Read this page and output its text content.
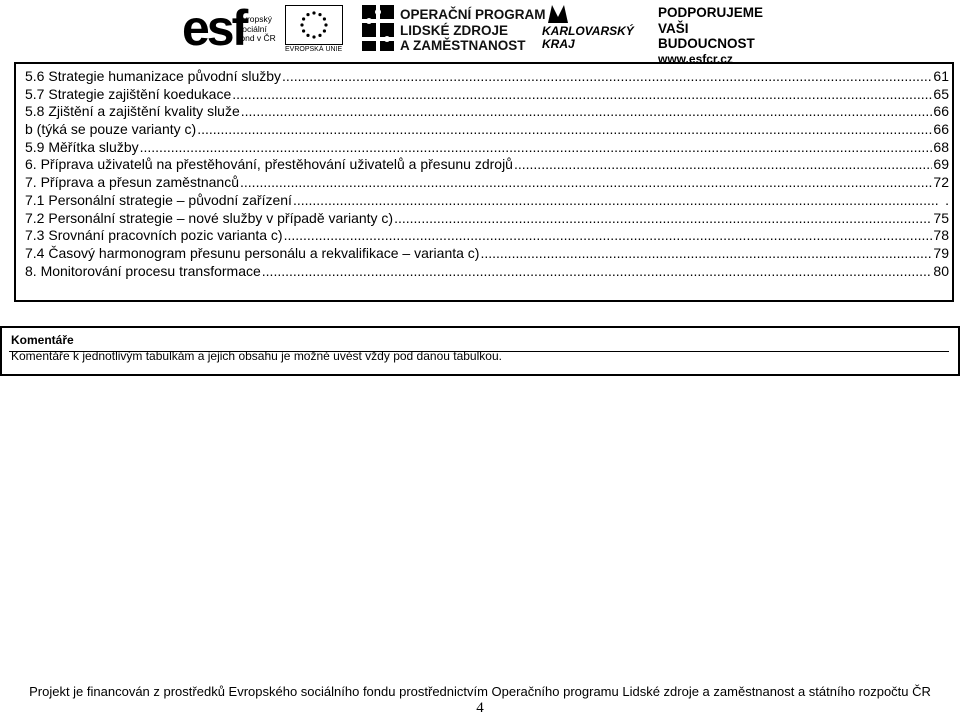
esf
evropský
sociální
fond v ČR
EVROPSKÁ UNIE
OPERAČNÍ PROGRAM
LIDSKÉ ZDROJE
A ZAMĚSTNANOST
KARLOVARSKÝ
KRAJ
PODPORUJEME
VAŠI BUDOUCNOST
www.esfcr.cz
5.6 Strategie humanizace původní služby .....	61
5.7 Strategie zajištění koedukace .....	65
5.8 Zjištění a zajištění kvality služe .....	66
b (týká se pouze varianty c) .....	66
5.9 Měřítka služby .....	68
6. Příprava uživatelů na přestěhování, přestěhování uživatelů a přesunu zdrojů .....	69
7. Příprava a přesun zaměstnanců .....	72
7.1 Personální strategie – původní zařízení .....	.
7.2 Personální strategie – nové služby v případě varianty c) .....	75
7.3 Srovnání pracovních pozic varianta c) .....	78
7.4 Časový harmonogram přesunu personálu a rekvalifikace – varianta c) .....	79
8. Monitorování procesu transformace .....	80
Komentáře
Komentáře k jednotlivým tabulkám a jejich obsahu je možné uvést vždy pod danou tabulkou.
Projekt je financován z prostředků Evropského sociálního fondu prostřednictvím Operačního programu Lidské zdroje a zaměstnanost a státního rozpočtu ČR
4
